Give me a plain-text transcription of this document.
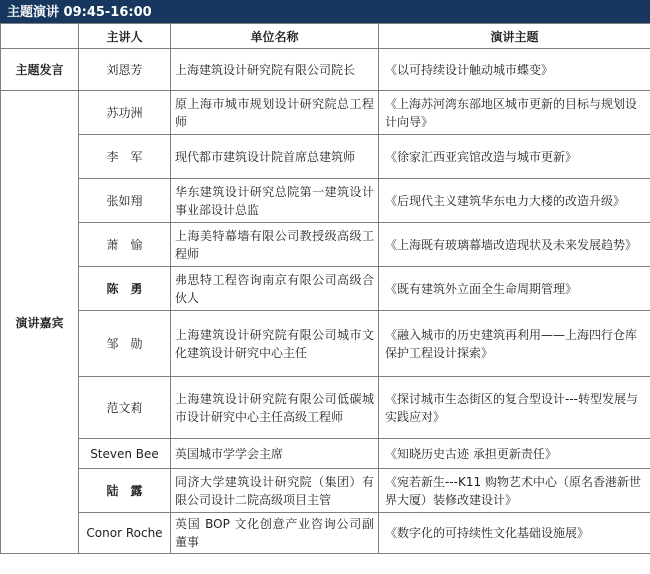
主题演讲 09:45-16:00
	主讲人	单位名称	演讲主题
主题发言	刘恩芳	上海建筑设计研究院有限公司院长	《以可持续设计触动城市蝶变》
演讲嘉宾	苏功洲	原上海市城市规划设计研究院总工程师	《上海苏河湾东部地区城市更新的目标与规划设计向导》
	李　军	现代都市建筑设计院首席总建筑师	《徐家汇西亚宾馆改造与城市更新》
	张如翔	华东建筑设计研究总院第一建筑设计事业部设计总监	《后现代主义建筑华东电力大楼的改造升级》
	萧　愉	上海美特幕墙有限公司教授级高级工程师	《上海既有玻璃幕墙改造现状及未来发展趋势》
	陈　勇	弗思特工程咨询南京有限公司高级合伙人	《既有建筑外立面全生命周期管理》
	邹　勋	上海建筑设计研究院有限公司城市文化建筑设计研究中心主任	《融入城市的历史建筑再利用——上海四行仓库保护工程设计探索》
	范文莉	上海建筑设计研究院有限公司低碳城市设计研究中心主任高级工程师	《探讨城市生态街区的复合型设计---转型发展与实践应对》
	Steven Bee	英国城市学学会主席	《知晓历史古迹 承担更新责任》
	陆　露	同济大学建筑设计研究院（集团）有限公司设计二院高级项目主管	《宛若新生---K11 购物艺术中心（原名香港新世界大厦）装修改建设计》
	Conor Roche	英国 BOP 文化创意产业咨询公司副董事	《数字化的可持续性文化基础设施展》
